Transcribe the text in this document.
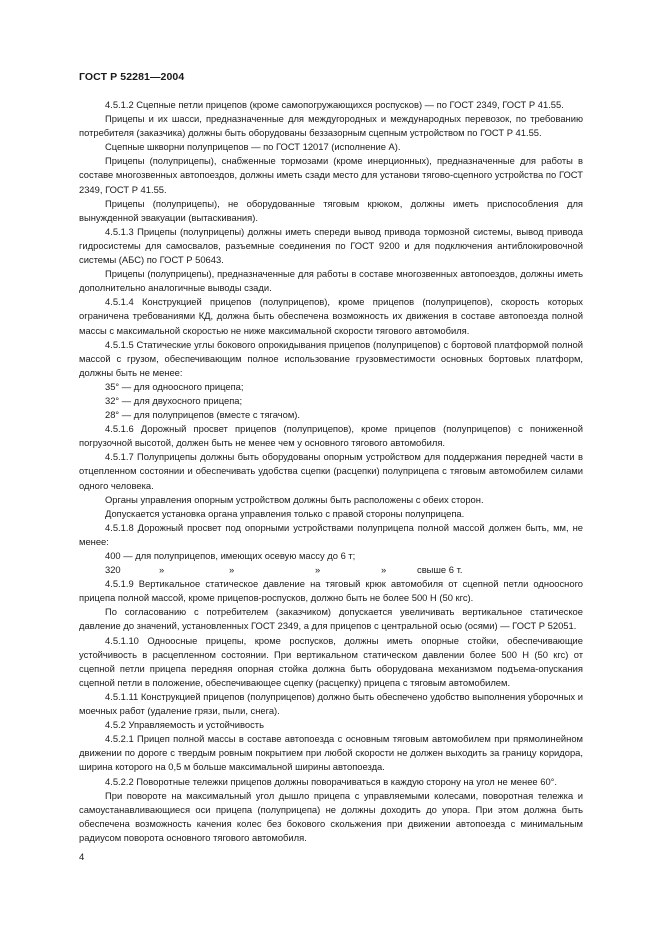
ГОСТ Р 52281—2004

4.5.1.2 Сцепные петли прицепов (кроме самопогружающихся роспусков) — по ГОСТ 2349, ГОСТ Р 41.55.

Прицепы и их шасси, предназначенные для междугородных и международных перевозок, по требованию потребителя (заказчика) должны быть оборудованы беззазорным сцепным устройством по ГОСТ Р 41.55.

Сцепные шкворни полуприцепов — по ГОСТ 12017 (исполнение А).

Прицепы (полуприцепы), снабженные тормозами (кроме инерционных), предназначенные для работы в составе многозвенных автопоездов, должны иметь сзади место для установи тягово-сцепного устройства по ГОСТ 2349, ГОСТ Р 41.55.

Прицепы (полуприцепы), не оборудованные тяговым крюком, должны иметь приспособления для вынужденной эвакуации (вытаскивания).

4.5.1.3 Прицепы (полуприцепы) должны иметь спереди вывод привода тормозной системы, вывод привода гидросистемы для самосвалов, разъемные соединения по ГОСТ 9200 и для подключения антиблокировочной системы (АБС) по ГОСТ Р 50643.

Прицепы (полуприцепы), предназначенные для работы в составе многозвенных автопоездов, должны иметь дополнительно аналогичные выводы сзади.

4.5.1.4 Конструкцией прицепов (полуприцепов), кроме прицепов (полуприцепов), скорость которых ограничена требованиями КД, должна быть обеспечена возможность их движения в составе автопоезда полной массы с максимальной скоростью не ниже максимальной скорости тягового автомобиля.

4.5.1.5 Статические углы бокового опрокидывания прицепов (полуприцепов) с бортовой платформой полной массой с грузом, обеспечивающим полное использование грузовместимости основных бортовых платформ, должны быть не менее:

35° — для одноосного прицепа;

32° — для двухосного прицепа;

28° — для полуприцепов (вместе с тягачом).

4.5.1.6 Дорожный просвет прицепов (полуприцепов), кроме прицепов (полуприцепов) с пониженной погрузочной высотой, должен быть не менее чем у основного тягового автомобиля.

4.5.1.7 Полуприцепы должны быть оборудованы опорным устройством для поддержания передней части в отцепленном состоянии и обеспечивать удобства сцепки (расцепки) полуприцепа с тяговым автомобилем силами одного человека.

Органы управления опорным устройством должны быть расположены с обеих сторон.

Допускается установка органа управления только с правой стороны полуприцепа.

4.5.1.8 Дорожный просвет под опорными устройствами полуприцепа полной массой должен быть, мм, не менее:

400 — для полуприцепов, имеющих осевую массу до 6 т;

320	»	»	»	»	свыше 6 т.

4.5.1.9 Вертикальное статическое давление на тяговый крюк автомобиля от сцепной петли одноосного прицепа полной массой, кроме прицепов-роспусков, должно быть не более 500 Н (50 кгс).

По согласованию с потребителем (заказчиком) допускается увеличивать вертикальное статическое давление до значений, установленных ГОСТ 2349, а для прицепов с центральной осью (осями) — ГОСТ Р 52051.

4.5.1.10 Одноосные прицепы, кроме роспусков, должны иметь опорные стойки, обеспечивающие устойчивость в расцепленном состоянии. При вертикальном статическом давлении более 500 Н (50 кгс) от сцепной петли прицепа передняя опорная стойка должна быть оборудована механизмом подъема-опускания сцепной петли в положение, обеспечивающее сцепку (расцепку) прицепа с тяговым автомобилем.

4.5.1.11 Конструкцией прицепов (полуприцепов) должно быть обеспечено удобство выполнения уборочных и моечных работ (удаление грязи, пыли, снега).

4.5.2 Управляемость и устойчивость

4.5.2.1 Прицеп полной массы в составе автопоезда с основным тяговым автомобилем при прямолинейном движении по дороге с твердым ровным покрытием при любой скорости не должен выходить за границу коридора, ширина которого на 0,5 м больше максимальной ширины автопоезда.

4.5.2.2 Поворотные тележки прицепов должны поворачиваться в каждую сторону на угол не менее 60°.

При повороте на максимальный угол дышло прицепа с управляемыми колесами, поворотная тележка и самоустанавливающиеся оси прицепа (полуприцепа) не должны доходить до упора. При этом должна быть обеспечена возможность качения колес без бокового скольжения при движении автопоезда с минимальным радиусом поворота основного тягового автомобиля.

4
